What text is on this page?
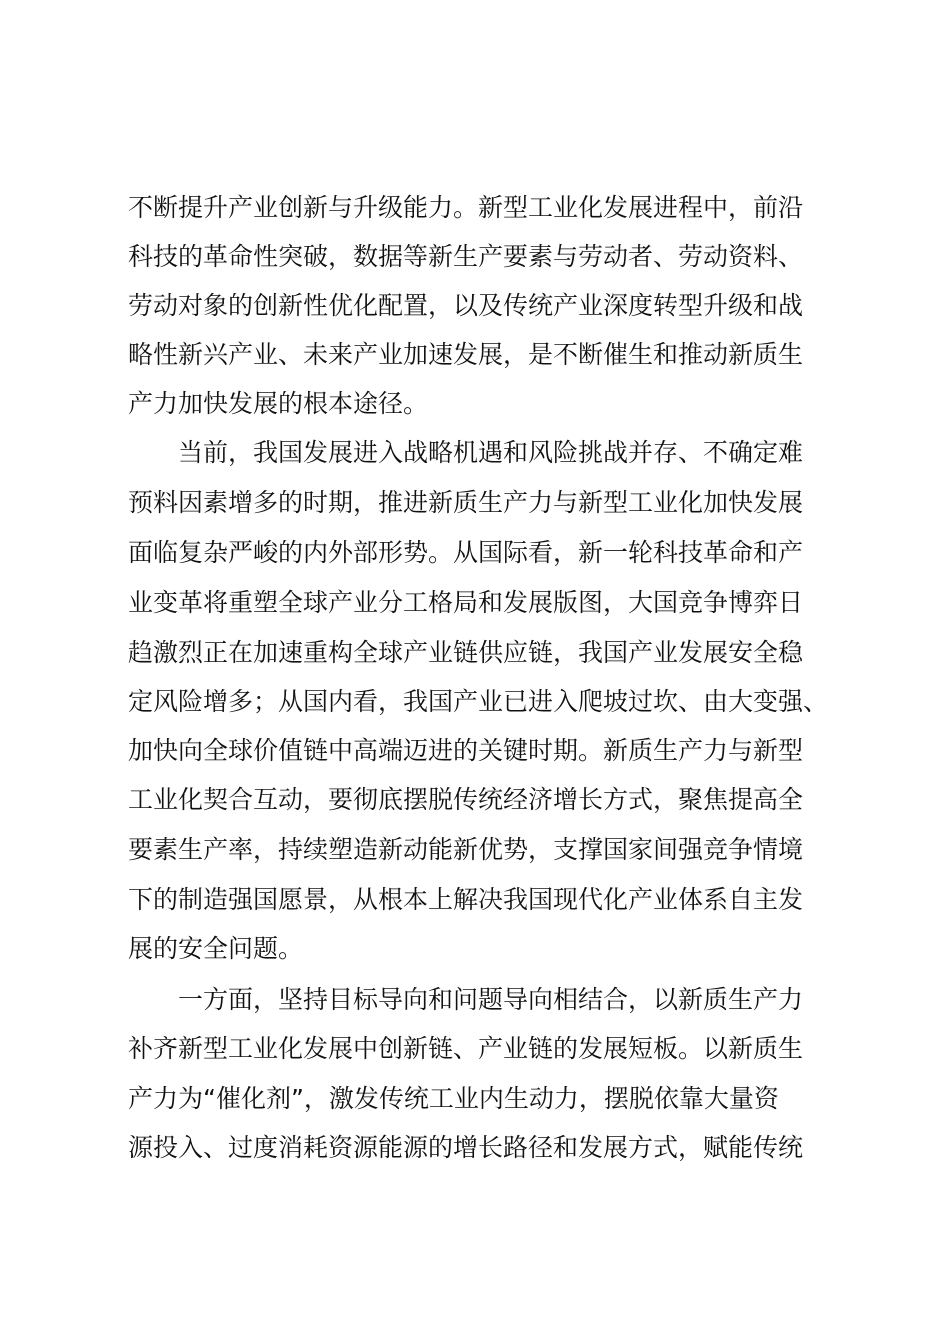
不断提升产业创新与升级能力。新型工业化发展进程中，前沿
科技的革命性突破，数据等新生产要素与劳动者、劳动资料、
劳动对象的创新性优化配置，以及传统产业深度转型升级和战
略性新兴产业、未来产业加速发展，是不断催生和推动新质生
产力加快发展的根本途径。
当前，我国发展进入战略机遇和风险挑战并存、不确定难
预料因素增多的时期，推进新质生产力与新型工业化加快发展
面临复杂严峻的内外部形势。从国际看，新一轮科技革命和产
业变革将重塑全球产业分工格局和发展版图，大国竞争博弈日
趋激烈正在加速重构全球产业链供应链，我国产业发展安全稳
定风险增多；从国内看，我国产业已进入爬坡过坎、由大变强、
加快向全球价值链中高端迈进的关键时期。新质生产力与新型
工业化契合互动，要彻底摆脱传统经济增长方式，聚焦提高全
要素生产率，持续塑造新动能新优势，支撑国家间强竞争情境
下的制造强国愿景，从根本上解决我国现代化产业体系自主发
展的安全问题。
一方面，坚持目标导向和问题导向相结合，以新质生产力
补齐新型工业化发展中创新链、产业链的发展短板。以新质生
产力为“催化剂”，激发传统工业内生动力，摆脱依靠大量资
源投入、过度消耗资源能源的增长路径和发展方式，赋能传统
